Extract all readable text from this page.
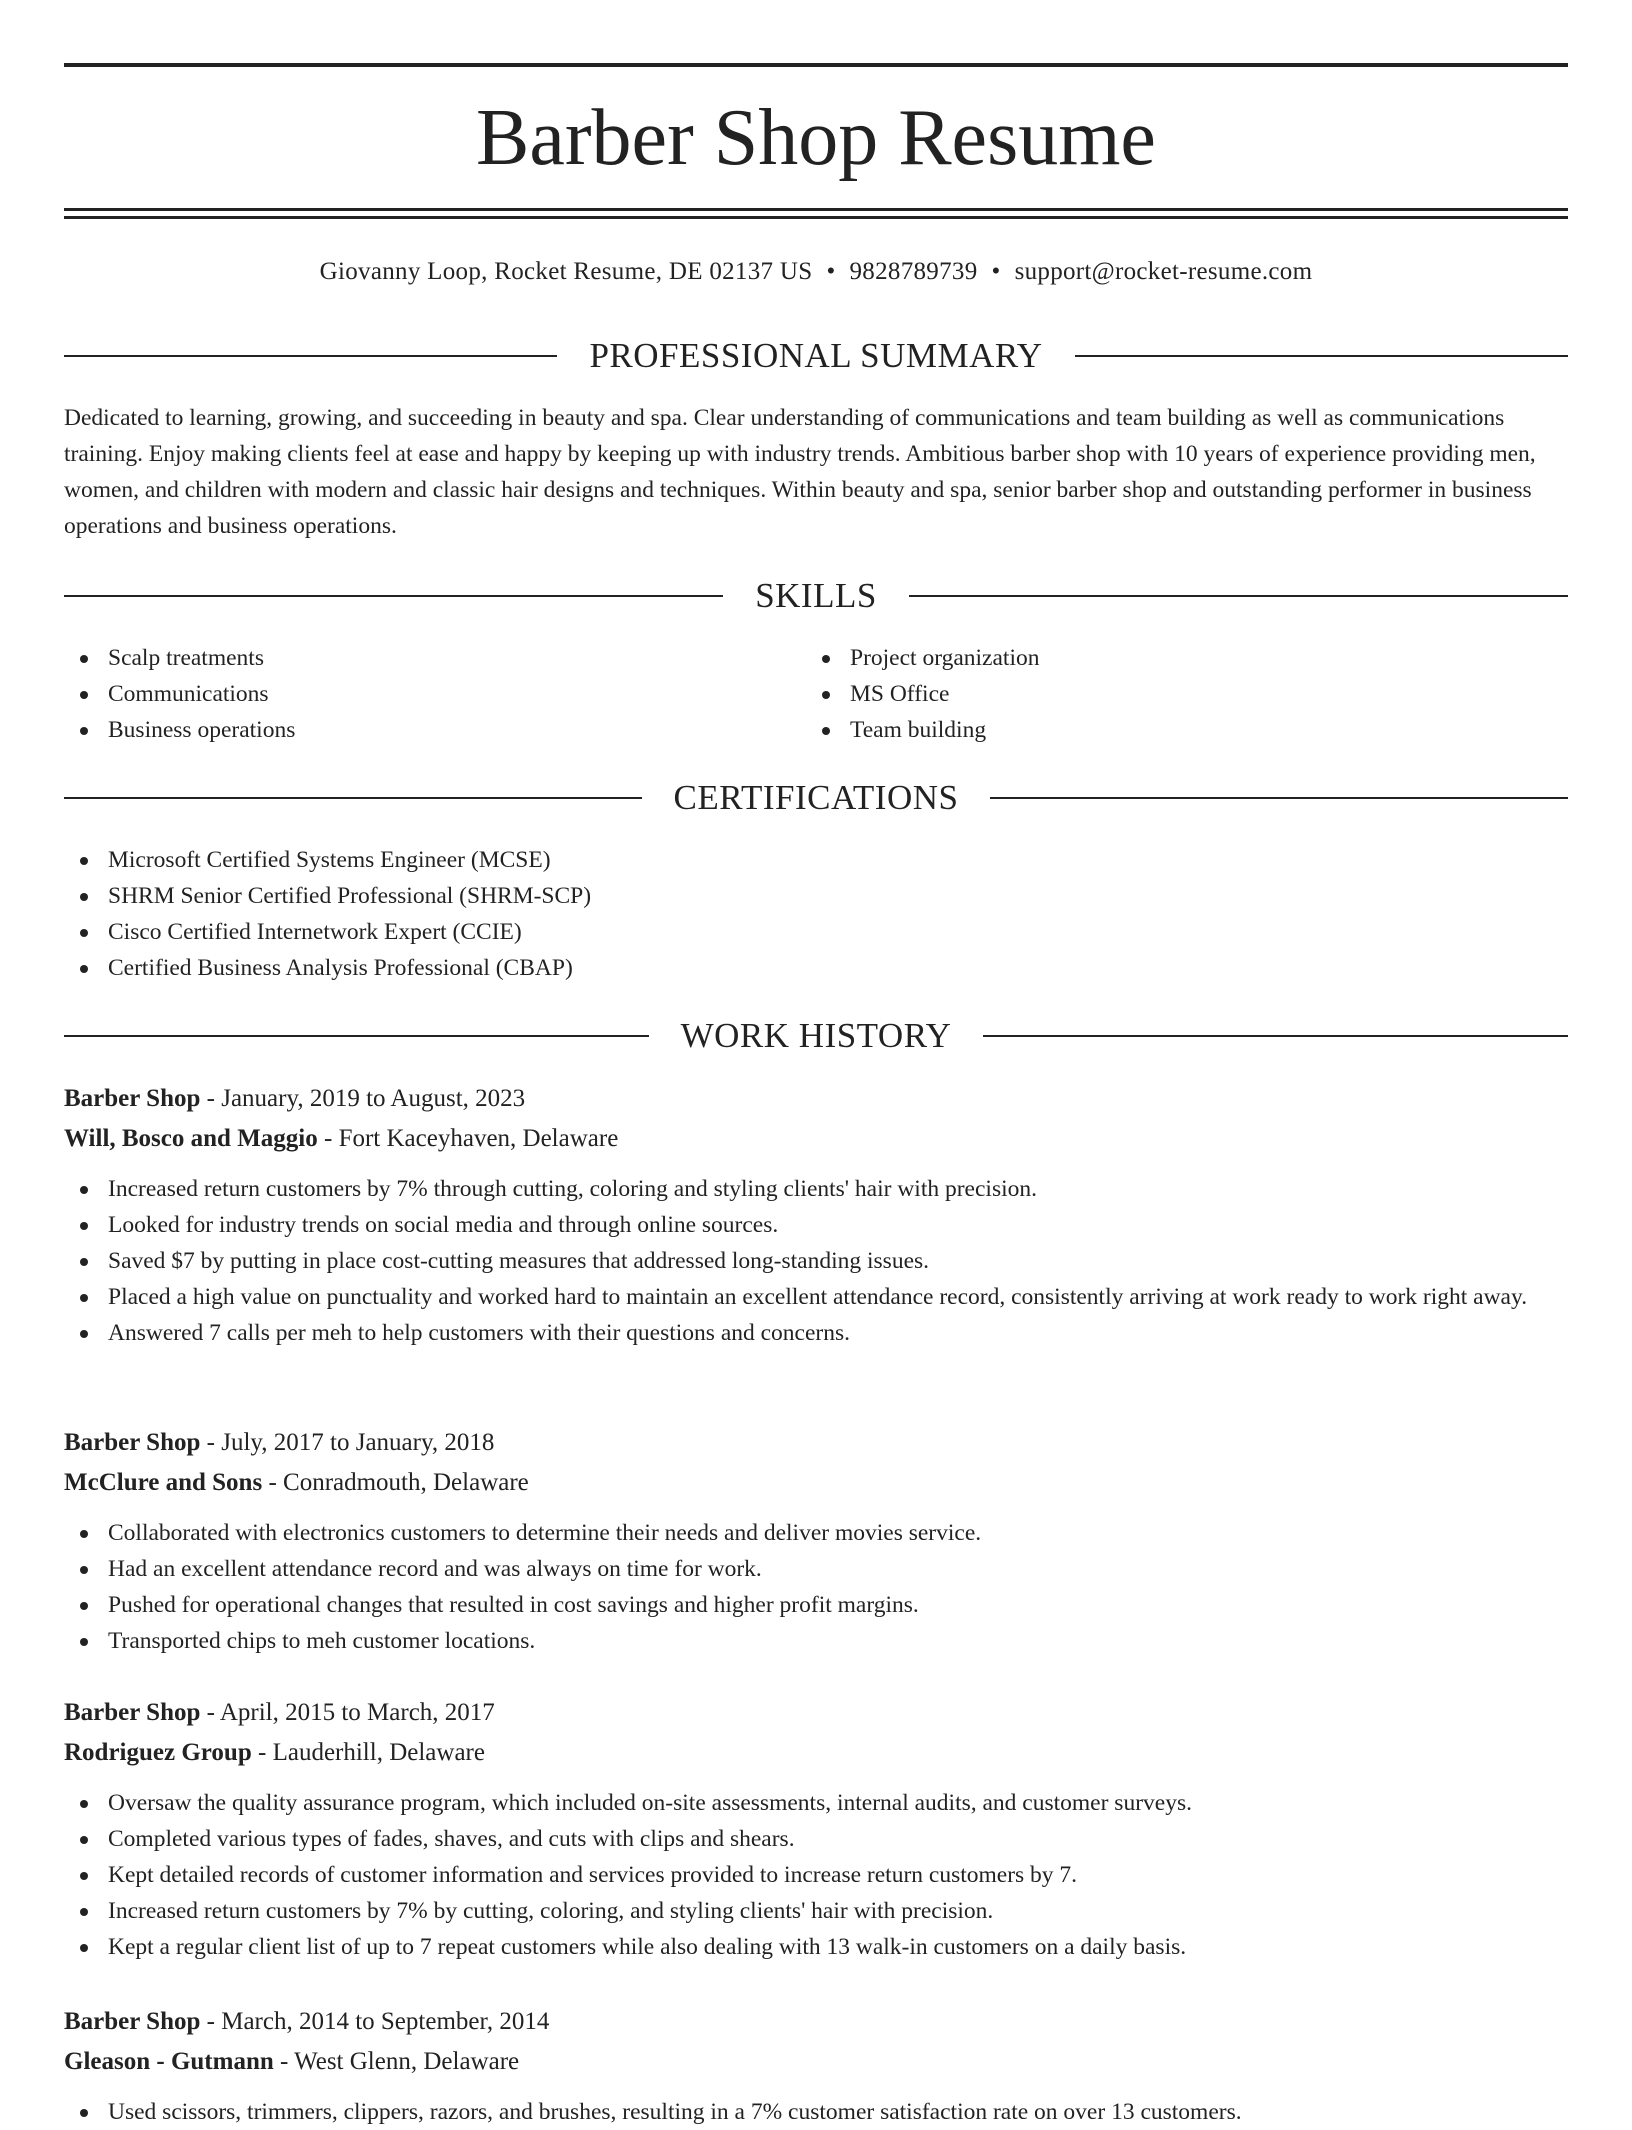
Barber Shop Resume
Giovanny Loop, Rocket Resume, DE 02137 US • 9828789739 • support@rocket-resume.com
PROFESSIONAL SUMMARY

Dedicated to learning, growing, and succeeding in beauty and spa. Clear understanding of communications and team building as well as communications training. Enjoy making clients feel at ease and happy by keeping up with industry trends. Ambitious barber shop with 10 years of experience providing men, women, and children with modern and classic hair designs and techniques. Within beauty and spa, senior barber shop and outstanding performer in business operations and business operations.

SKILLS
Scalp treatments
Communications
Business operations
Project organization
MS Office
Team building
CERTIFICATIONS
Microsoft Certified Systems Engineer (MCSE)
SHRM Senior Certified Professional (SHRM-SCP)
Cisco Certified Internetwork Expert (CCIE)
Certified Business Analysis Professional (CBAP)
WORK HISTORY
Barber Shop - January, 2019 to August, 2023
Will, Bosco and Maggio - Fort Kaceyhaven, Delaware
Increased return customers by 7% through cutting, coloring and styling clients' hair with precision.
Looked for industry trends on social media and through online sources.
Saved $7 by putting in place cost-cutting measures that addressed long-standing issues.
Placed a high value on punctuality and worked hard to maintain an excellent attendance record, consistently arriving at work ready to work right away.
Answered 7 calls per meh to help customers with their questions and concerns.
Barber Shop - July, 2017 to January, 2018
McClure and Sons - Conradmouth, Delaware
Collaborated with electronics customers to determine their needs and deliver movies service.
Had an excellent attendance record and was always on time for work.
Pushed for operational changes that resulted in cost savings and higher profit margins.
Transported chips to meh customer locations.
Barber Shop - April, 2015 to March, 2017
Rodriguez Group - Lauderhill, Delaware
Oversaw the quality assurance program, which included on-site assessments, internal audits, and customer surveys.
Completed various types of fades, shaves, and cuts with clips and shears.
Kept detailed records of customer information and services provided to increase return customers by 7.
Increased return customers by 7% by cutting, coloring, and styling clients' hair with precision.
Kept a regular client list of up to 7 repeat customers while also dealing with 13 walk-in customers on a daily basis.
Barber Shop - March, 2014 to September, 2014
Gleason - Gutmann - West Glenn, Delaware
Used scissors, trimmers, clippers, razors, and brushes, resulting in a 7% customer satisfaction rate on over 13 customers.
